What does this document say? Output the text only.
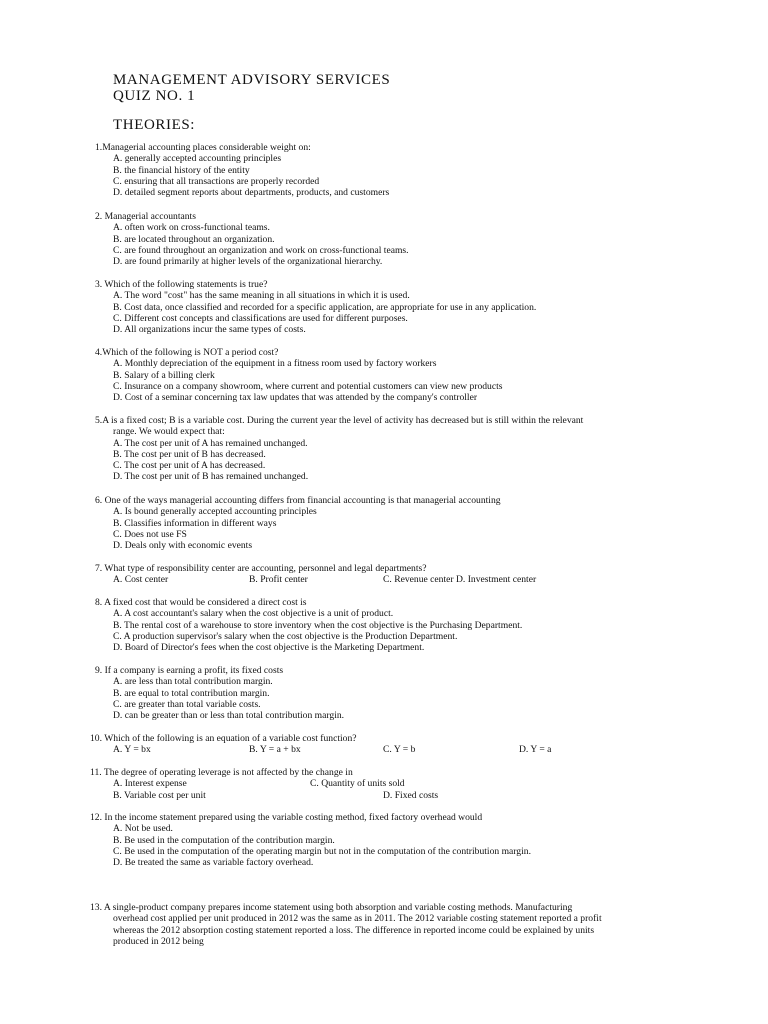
MANAGEMENT ADVISORY SERVICES
QUIZ NO. 1
THEORIES:
1.Managerial accounting places considerable weight on:
A. generally accepted accounting principles
B. the financial history of the entity
C. ensuring that all transactions are properly recorded
D. detailed segment reports about departments, products, and customers
2. Managerial accountants
A. often work on cross-functional teams.
B. are located throughout an organization.
C. are found throughout an organization and work on cross-functional teams.
D. are found primarily at higher levels of the organizational hierarchy.
3. Which of the following statements is true?
A. The word "cost" has the same meaning in all situations in which it is used.
B. Cost data, once classified and recorded for a specific application, are appropriate for use in any application.
C. Different cost concepts and classifications are used for different purposes.
D. All organizations incur the same types of costs.
4.Which of the following is NOT a period cost?
A. Monthly depreciation of the equipment in a fitness room used by factory workers
B. Salary of a billing clerk
C. Insurance on a company showroom, where current and potential customers can view new products
D. Cost of a seminar concerning tax law updates that was attended by the company's controller
5.A is a fixed cost; B is a variable cost. During the current year the level of activity has decreased but is still within the relevant
range. We would expect that:
A. The cost per unit of A has remained unchanged.
B. The cost per unit of B has decreased.
C. The cost per unit of A has decreased.
D. The cost per unit of B has remained unchanged.
6. One of the ways managerial accounting differs from financial accounting is that managerial accounting
A. Is bound generally accepted accounting principles
B. Classifies information in different ways
C. Does not use FS
D. Deals only with economic events
7. What type of responsibility center are accounting, personnel and legal departments?
A. Cost center	B. Profit center	C. Revenue center D. Investment center
8. A fixed cost that would be considered a direct cost is
A. A cost accountant's salary when the cost objective is a unit of product.
B. The rental cost of a warehouse to store inventory when the cost objective is the Purchasing Department.
C. A production supervisor's salary when the cost objective is the Production Department.
D. Board of Director's fees when the cost objective is the Marketing Department.
9. If a company is earning a profit, its fixed costs
A. are less than total contribution margin.
B. are equal to total contribution margin.
C. are greater than total variable costs.
D. can be greater than or less than total contribution margin.
10. Which of the following is an equation of a variable cost function?
A. Y = bx	B. Y = a + bx	C. Y = b	D. Y = a
11. The degree of operating leverage is not affected by the change in
A. Interest expense	C. Quantity of units sold
B. Variable cost per unit	D. Fixed costs
12. In the income statement prepared using the variable costing method, fixed factory overhead would
A. Not be used.
B. Be used in the computation of the contribution margin.
C. Be used in the computation of the operating margin but not in the computation of the contribution margin.
D. Be treated the same as variable factory overhead.
13. A single-product company prepares income statement using both absorption and variable costing methods. Manufacturing
overhead cost applied per unit produced in 2012 was the same as in 2011. The 2012 variable costing statement reported a profit
whereas the 2012 absorption costing statement reported a loss. The difference in reported income could be explained by units
produced in 2012 being
